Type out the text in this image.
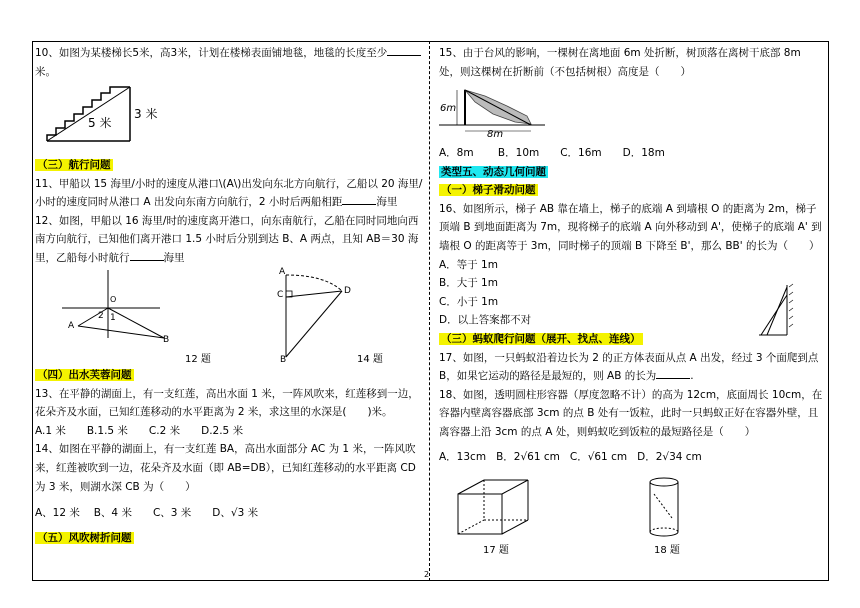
10、如图为某楼梯长5米，高3米，计划在楼梯表面铺地毯，地毯的长度至少
米。

5 米
3 米

（三）航行问题

11、甲船以 15 海里/小时的速度从港口\(A\)出发向东北方向航行，乙船以 20 海里/小时的速度同时从港口 A 出发向东南方向航行，2 小时后两船相距	海里

12、如图，甲船以 16 海里/时的速度离开港口，向东南航行，乙船在同时同地向西南方向航行，已知他们离开港口 1.5 小时后分别到达 B、A 两点，且知 AB＝30 海里，乙船每小时航行	海里

O
2 1
A
B
12 题
A
C	D
B	14 题

（四）出水芙蓉问题

13、在平静的湖面上，有一支红莲，高出水面 1 米，一阵风吹来，红莲移到一边，花朵齐及水面，已知红莲移动的水平距离为 2 米，求这里的水深是(　　)米。

A.1 米　　B.1.5 米　　C.2 米　　D.2.5 米

14、如图在平静的湖面上，有一支红莲 BA，高出水面部分 AC 为 1 米，一阵风吹来，红莲被吹到一边，花朵齐及水面（即 AB=DB），已知红莲移动的水平距离 CD 为 3 米，则湖水深 CB 为（　　）

A、12 米　 B、4 米　　C、3 米　　D、√3 米

（五）风吹树折问题

15、由于台风的影响，一棵树在离地面 6m 处折断，树顶落在离树干底部 8m 处，则这棵树在折断前（不包括树根）高度是（　　）

6m
8m

A．8m　　 B．10m　　C．16m　　D．18m

类型五、动态几何问题

（一）梯子滑动问题

16、如图所示，梯子 AB 靠在墙上，梯子的底端 A 到墙根 O 的距离为 2m，梯子顶端 B 到地面距离为 7m，现将梯子的底端 A 向外移动到 A'，使梯子的底端 A' 到墙根 O 的距离等于 3m，同时梯子的顶端 B 下降至 B'，那么 BB' 的长为（　　）

A．等于 1m

B．大于 1m

C．小于 1m

D．以上答案都不对

（三）蚂蚁爬行问题（展开、找点、连线）

17、如图，一只蚂蚁沿着边长为 2 的正方体表面从点 A 出发，经过 3 个面爬到点 B，如果它运动的路径是最短的，则 AB 的长为	.

18、如图，透明圆柱形容器（厚度忽略不计）的高为 12cm，底面周长 10cm，在容器内壁离容器底部 3cm 的点 B 处有一饭粒，此时一只蚂蚁正好在容器外壁，且离容器上沿 3cm 的点 A 处，则蚂蚁吃到饭粒的最短路径是（　　）

A．13cm B．2√61 cm C．√61 cm D．2√34 cm

17 题	18 题
2
